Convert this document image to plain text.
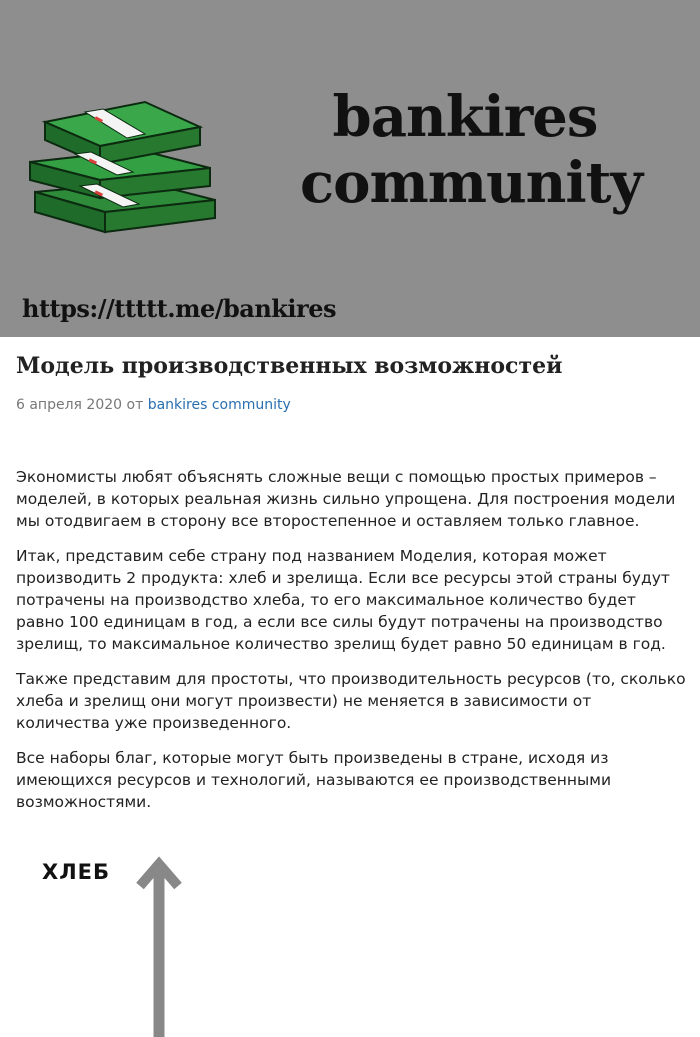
bankires
community
https://ttttt.me/bankires
Модель производственных возможностей
6 апреля 2020 от bankires community

Экономисты любят объяснять сложные вещи с помощью простых примеров – моделей, в которых реальная жизнь сильно упрощена. Для построения модели мы отодвигаем в сторону все второстепенное и оставляем только главное.

Итак, представим себе страну под названием Моделия, которая может производить 2 продукта: хлеб и зрелища. Если все ресурсы этой страны будут потрачены на производство хлеба, то его максимальное количество будет равно 100 единицам в год, а если все силы будут потрачены на производство зрелищ, то максимальное количество зрелищ будет равно 50 единицам в год.

Также представим для простоты, что производительность ресурсов (то, сколько хлеба и зрелищ они могут произвести) не меняется в зависимости от количества уже произведенного.

Все наборы благ, которые могут быть произведены в стране, исходя из имеющихся ресурсов и технологий, называются ее производственными возможностями.

ХЛЕБ
